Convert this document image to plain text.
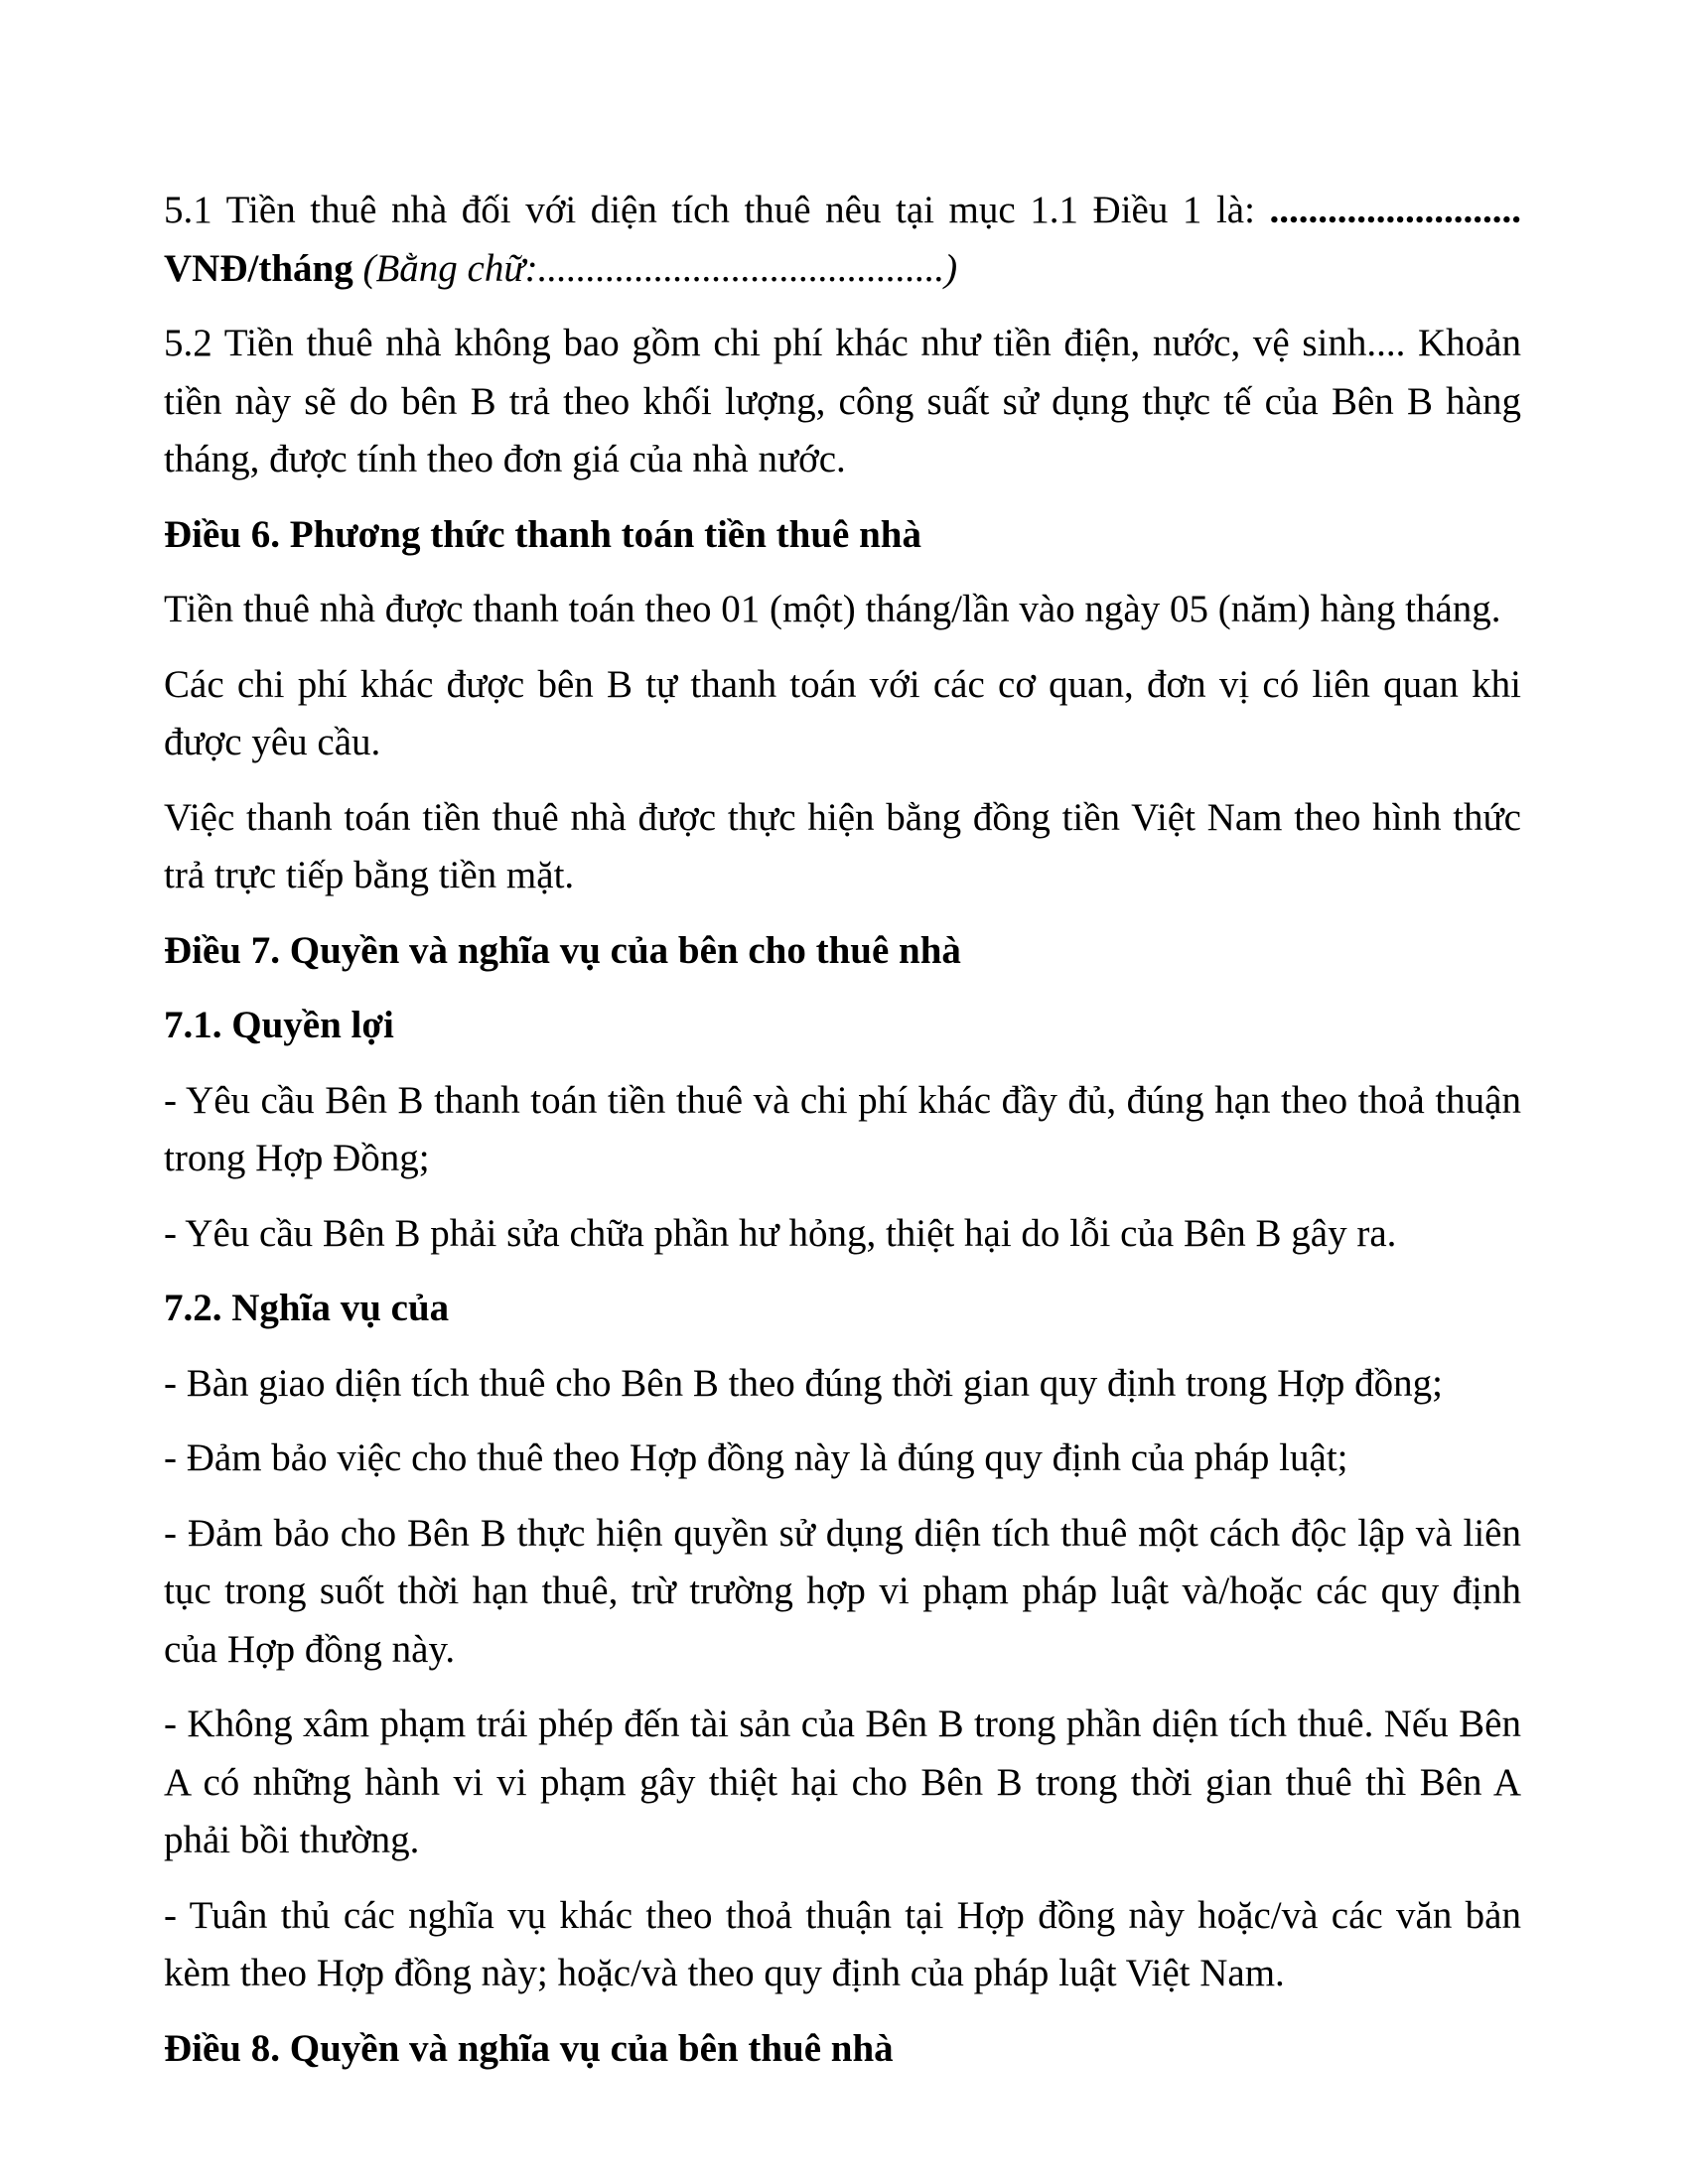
5.1 Tiền thuê nhà đối với diện tích thuê nêu tại mục 1.1 Điều 1 là: .......................... VNĐ/tháng (Bằng chữ:..........................................)

5.2 Tiền thuê nhà không bao gồm chi phí khác như tiền điện, nước, vệ sinh.... Khoản tiền này sẽ do bên B trả theo khối lượng, công suất sử dụng thực tế của Bên B hàng tháng, được tính theo đơn giá của nhà nước.

Điều 6. Phương thức thanh toán tiền thuê nhà

Tiền thuê nhà được thanh toán theo 01 (một) tháng/lần vào ngày 05 (năm) hàng tháng.

Các chi phí khác được bên B tự thanh toán với các cơ quan, đơn vị có liên quan khi được yêu cầu.

Việc thanh toán tiền thuê nhà được thực hiện bằng đồng tiền Việt Nam theo hình thức trả trực tiếp bằng tiền mặt.

Điều 7. Quyền và nghĩa vụ của bên cho thuê nhà

7.1. Quyền lợi

- Yêu cầu Bên B thanh toán tiền thuê và chi phí khác đầy đủ, đúng hạn theo thoả thuận trong Hợp Đồng;

- Yêu cầu Bên B phải sửa chữa phần hư hỏng, thiệt hại do lỗi của Bên B gây ra.

7.2. Nghĩa vụ của

- Bàn giao diện tích thuê cho Bên B theo đúng thời gian quy định trong Hợp đồng;

- Đảm bảo việc cho thuê theo Hợp đồng này là đúng quy định của pháp luật;

- Đảm bảo cho Bên B thực hiện quyền sử dụng diện tích thuê một cách độc lập và liên tục trong suốt thời hạn thuê, trừ trường hợp vi phạm pháp luật và/hoặc các quy định của Hợp đồng này.

- Không xâm phạm trái phép đến tài sản của Bên B trong phần diện tích thuê. Nếu Bên A có những hành vi vi phạm gây thiệt hại cho Bên B trong thời gian thuê thì Bên A phải bồi thường.

- Tuân thủ các nghĩa vụ khác theo thoả thuận tại Hợp đồng này hoặc/và các văn bản kèm theo Hợp đồng này; hoặc/và theo quy định của pháp luật Việt Nam.

Điều 8. Quyền và nghĩa vụ của bên thuê nhà
